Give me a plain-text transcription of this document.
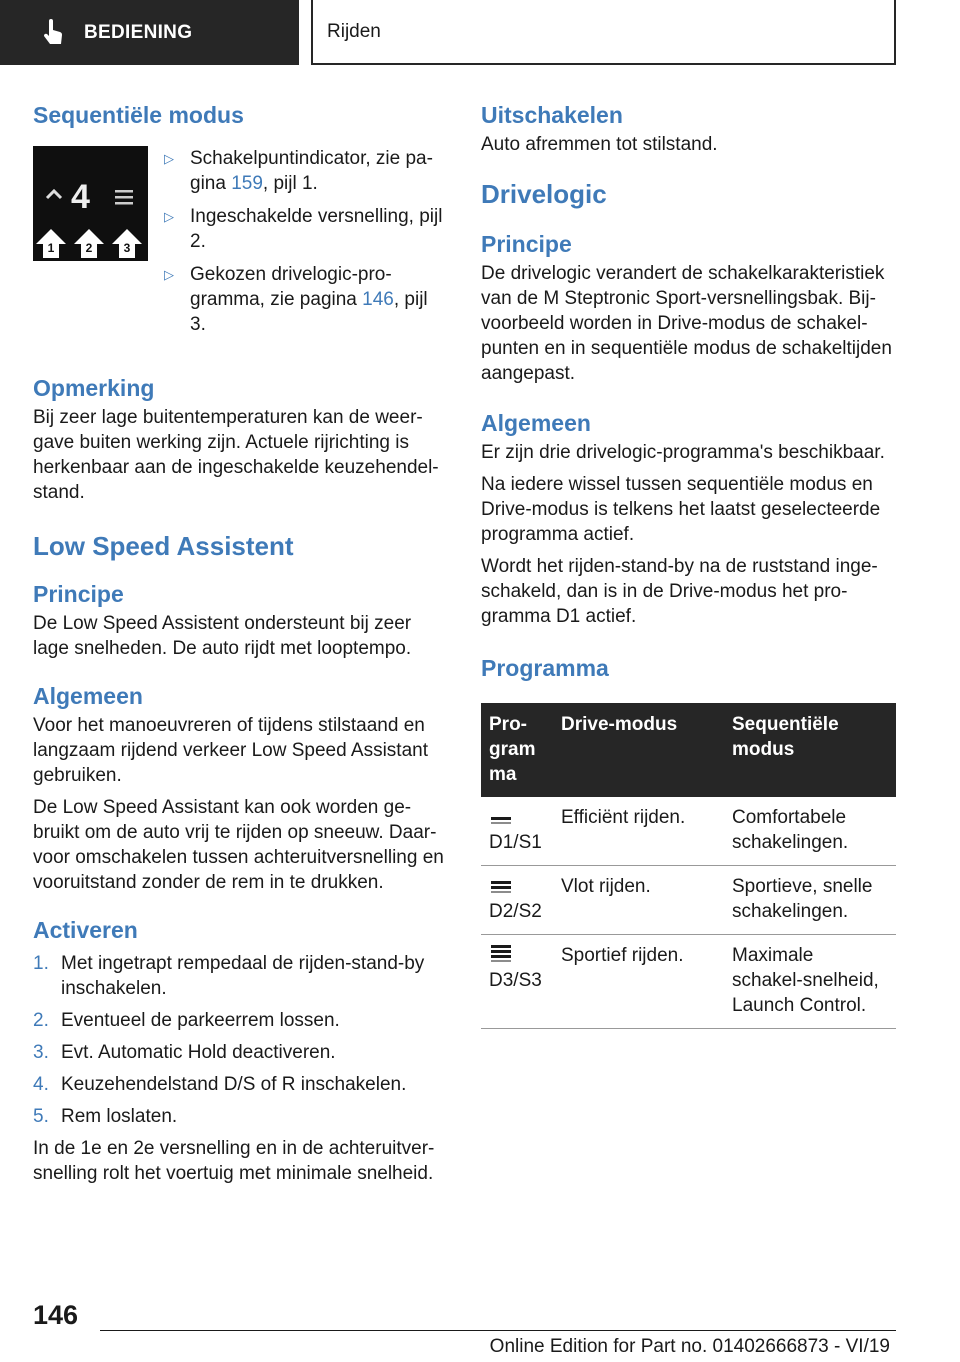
BEDIENING	Rijden
Sequentiële modus
4
1	2	3
▷ Schakelpuntindicator, zie pa-gina 159, pijl 1.
▷ Ingeschakelde versnelling, pijl 2.
▷ Gekozen drivelogic-pro-gramma, zie pagina 146, pijl 3.
Opmerking

Bij zeer lage buitentemperaturen kan de weer-gave buiten werking zijn. Actuele rijrichting is herkenbaar aan de ingeschakelde keuzehendel-stand.

Low Speed Assistent
Principe

De Low Speed Assistent ondersteunt bij zeer lage snelheden. De auto rijdt met looptempo.

Algemeen

Voor het manoeuvreren of tijdens stilstaand en langzaam rijdend verkeer Low Speed Assistant gebruiken.

De Low Speed Assistant kan ook worden ge-bruikt om de auto vrij te rijden op sneeuw. Daar-voor omschakelen tussen achteruitversnelling en vooruitstand zonder de rem in te drukken.

Activeren
1. Met ingetrapt rempedaal de rijden-stand-by inschakelen.
2. Eventueel de parkeerrem lossen.
3. Evt. Automatic Hold deactiveren.
4. Keuzehendelstand D/S of R inschakelen.
5. Rem loslaten.

In de 1e en 2e versnelling en in de achteruitver-snelling rolt het voertuig met minimale snelheid.

Uitschakelen

Auto afremmen tot stilstand.

Drivelogic
Principe

De drivelogic verandert de schakelkarakteristiek van de M Steptronic Sport-versnellingsbak. Bij-voorbeeld worden in Drive-modus de schakel-punten en in sequentiële modus de schakeltijden aangepast.

Algemeen

Er zijn drie drivelogic-programma's beschikbaar.

Na iedere wissel tussen sequentiële modus en Drive-modus is telkens het laatst geselecteerde programma actief.

Wordt het rijden-stand-by na de ruststand inge-schakeld, dan is in de Drive-modus het pro-gramma D1 actief.

Programma
Pro-gram ma	Drive-modus	Sequentiële modus

D1/S1	Efficiënt rijden.	Comfortabele schakelingen.

D2/S2	Vlot rijden.	Sportieve, snelle schakelingen.

D3/S3	Sportief rijden.	Maximale schakel-snelheid, Launch Control.
146
Online Edition for Part no. 01402666873 - VI/19
